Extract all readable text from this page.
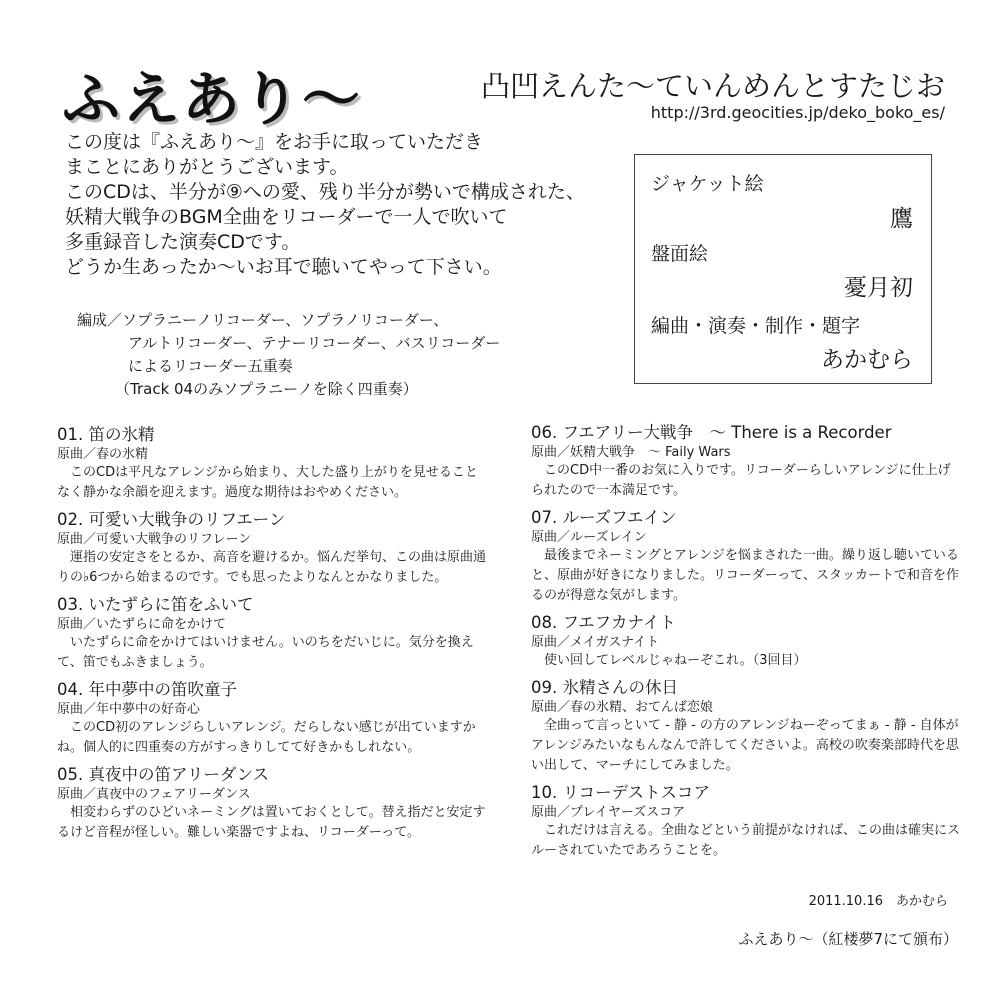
ふえあり～	凸凹えんた～ていんめんとすたじお
http://3rd.geocities.jp/deko_boko_es/
この度は『ふえあり～』をお手に取っていただき
まことにありがとうございます。
このCDは、半分が⑨への愛、残り半分が勢いで構成された、
妖精大戦争のBGM全曲をリコーダーで一人で吹いて
多重録音した演奏CDです。
どうか生あったか～いお耳で聴いてやって下さい。
ジャケット絵
鷹
盤面絵
憂月初
編曲・演奏・制作・題字
あかむら
編成／ソプラニーノリコーダー、ソプラノリコーダー、
アルトリコーダー、テナーリコーダー、バスリコーダー
によるリコーダー五重奏
（Track 04のみソプラニーノを除く四重奏）
01. 笛の氷精
原曲／春の氷精
このCDは平凡なアレンジから始まり、大した盛り上がりを見せることなく静かな余韻を迎えます。過度な期待はおやめください。
02. 可愛い大戦争のリフエーン
原曲／可愛い大戦争のリフレーン
運指の安定さをとるか、高音を避けるか。悩んだ挙句、この曲は原曲通りの♭6つから始まるのです。でも思ったよりなんとかなりました。
03. いたずらに笛をふいて
原曲／いたずらに命をかけて
いたずらに命をかけてはいけません。いのちをだいじに。気分を換えて、笛でもふきましょう。
04. 年中夢中の笛吹童子
原曲／年中夢中の好奇心
このCD初のアレンジらしいアレンジ。だらしない感じが出ていますかね。個人的に四重奏の方がすっきりしてて好きかもしれない。
05. 真夜中の笛アリーダンス
原曲／真夜中のフェアリーダンス
相変わらずのひどいネーミングは置いておくとして。替え指だと安定するけど音程が怪しい。難しい楽器ですよね、リコーダーって。
06. フエアリー大戦争　～ There is a Recorder
原曲／妖精大戦争　～ Faily Wars
このCD中一番のお気に入りです。リコーダーらしいアレンジに仕上げられたので一本満足です。
07. ルーズフエイン
原曲／ルーズレイン
最後までネーミングとアレンジを悩まされた一曲。繰り返し聴いていると、原曲が好きになりました。リコーダーって、スタッカートで和音を作るのが得意な気がします。
08. フエフカナイト
原曲／メイガスナイト
使い回してレベルじゃねーぞこれ。（3回目）
09. 氷精さんの休日
原曲／春の氷精、おてんば恋娘
全曲って言っといて - 静 - の方のアレンジねーぞってまぁ - 静 - 自体がアレンジみたいなもんなんで許してくださいよ。高校の吹奏楽部時代を思い出して、マーチにしてみました。
10. リコーデストスコア
原曲／プレイヤーズスコア
これだけは言える。全曲などという前提がなければ、この曲は確実にスルーされていたであろうことを。
2011.10.16　あかむら
ふえあり～（紅楼夢7にて頒布）
